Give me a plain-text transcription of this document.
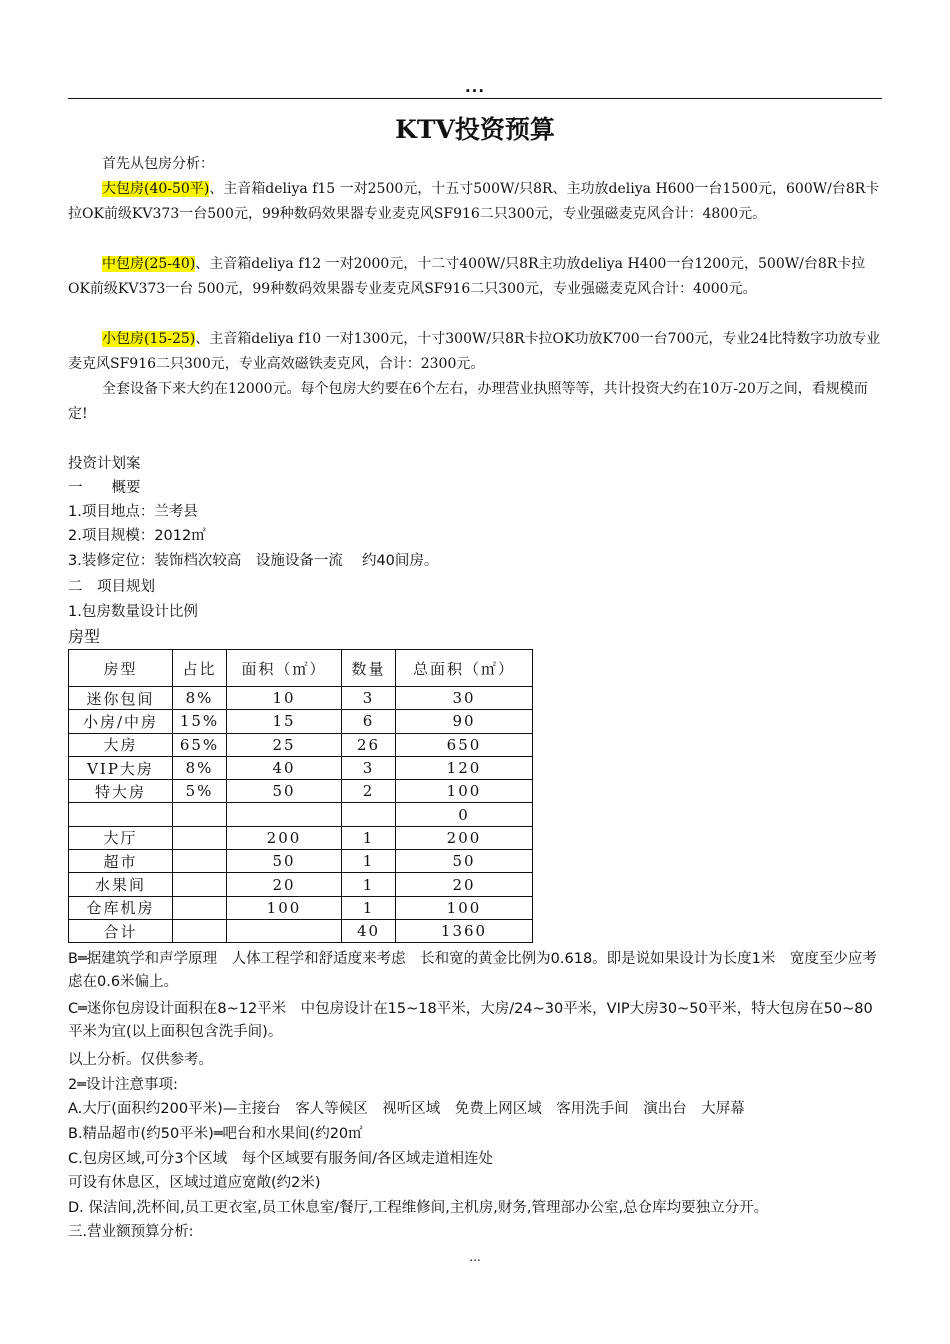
...
KTV投资预算
首先从包房分析：
大包房(40-50平)、主音箱deliya f15 一对2500元，十五寸500W/只8R、主功放deliya H600一台1500元，600W/台8R卡拉OK前级KV373一台500元，99种数码效果器专业麦克风SF916二只300元，专业强磁麦克风合计：4800元。
中包房(25-40)、主音箱deliya f12 一对2000元，十二寸400W/只8R主功放deliya H400一台1200元，500W/台8R卡拉OK前级KV373一台 500元，99种数码效果器专业麦克风SF916二只300元，专业强磁麦克风合计：4000元。
小包房(15-25)、主音箱deliya f10 一对1300元，十寸300W/只8R卡拉OK功放K700一台700元，专业24比特数字功放专业麦克风SF916二只300元，专业高效磁铁麦克风，合计：2300元。
全套设备下来大约在12000元。每个包房大约要在6个左右，办理营业执照等等，共计投资大约在10万-20万之间，看规模而定!
投资计划案
一　　概要
1.项目地点：兰考县
2.项目规模：2012㎡
3.装修定位：装饰档次较高　设施设备一流　 约40间房。
二　项目规划
1.包房数量设计比例
房型
房型	占比	面积（㎡）	数量	总面积（㎡）
迷你包间	8%	10	3	30
小房/中房	15%	15	6	90
大房	65%	25	26	650
VIP大房	8%	40	3	120
特大房	5%	50	2	100
				0
大厅		200	1	200
超市		50	1	50
水果间		20	1	20
仓库机房		100	1	100
合计			40	1360
B═据建筑学和声学原理　人体工程学和舒适度来考虑　长和宽的黄金比例为0.618。即是说如果设计为长度1米　宽度至少应考虑在0.6米偏上。
C═迷你包房设计面积在8~12平米　中包房设计在15~18平米，大房/24~30平米，VIP大房30~50平米，特大包房在50~80平米为宜(以上面积包含洗手间)。
以上分析。仅供参考。
2═设计注意事项:
A.大厅(面积约200平米)—主接台　客人等候区　视听区域　免费上网区域　客用洗手间　演出台　大屏幕
B.精品超市(约50平米)═吧台和水果间(约20㎡
C.包房区域,可分3个区域　每个区域要有服务间/各区域走道相连处
可设有休息区，区域过道应宽敞(约2米)
D. 保洁间,洗杯间,员工更衣室,员工休息室/餐厅,工程维修间,主机房,财务,管理部办公室,总仓库均要独立分开。
三.营业额预算分析:
...
